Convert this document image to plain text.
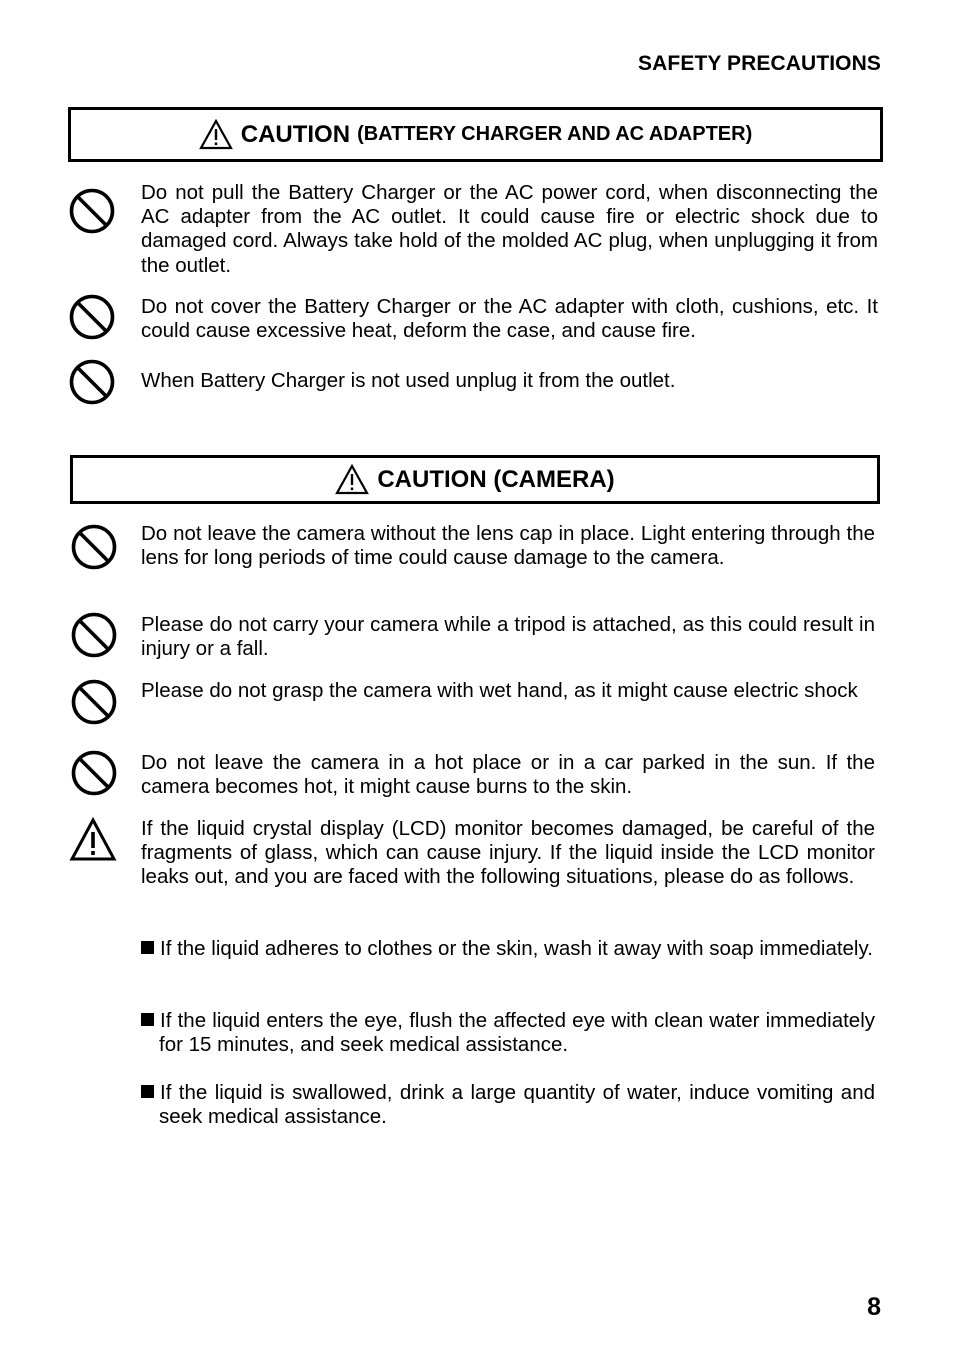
SAFETY PRECAUTIONS
CAUTION (BATTERY CHARGER AND AC ADAPTER)

Do not pull the Battery Charger or the AC power cord, when disconnecting the AC adapter from the AC outlet. It could cause fire or electric shock due to damaged cord. Always take hold of the molded AC plug, when unplugging it from the outlet.

Do not cover the Battery Charger or the AC adapter with cloth, cushions, etc. It could cause excessive heat, deform the case, and cause fire.

When Battery Charger is not used unplug it from the outlet.

CAUTION (CAMERA)

Do not leave the camera without the lens cap in place. Light entering through the lens for long periods of time could cause damage to the camera.

Please do not carry your camera while a tripod is attached, as this could result in injury or a fall.

Please do not grasp the camera with wet hand, as it might cause electric shock

Do not leave the camera in a hot place or in a car parked in the sun. If the camera becomes hot, it might cause burns to the skin.

If the liquid crystal display (LCD) monitor becomes damaged, be careful of the fragments of glass, which can cause injury. If the liquid inside the LCD monitor leaks out, and you are faced with the following situations, please do as follows.

If the liquid adheres to clothes or the skin, wash it away with soap immediately.

If the liquid enters the eye, flush the affected eye with clean water immediately for 15 minutes, and seek medical assistance.

If the liquid is swallowed, drink a large quantity of water, induce vomiting and seek medical assistance.

8
